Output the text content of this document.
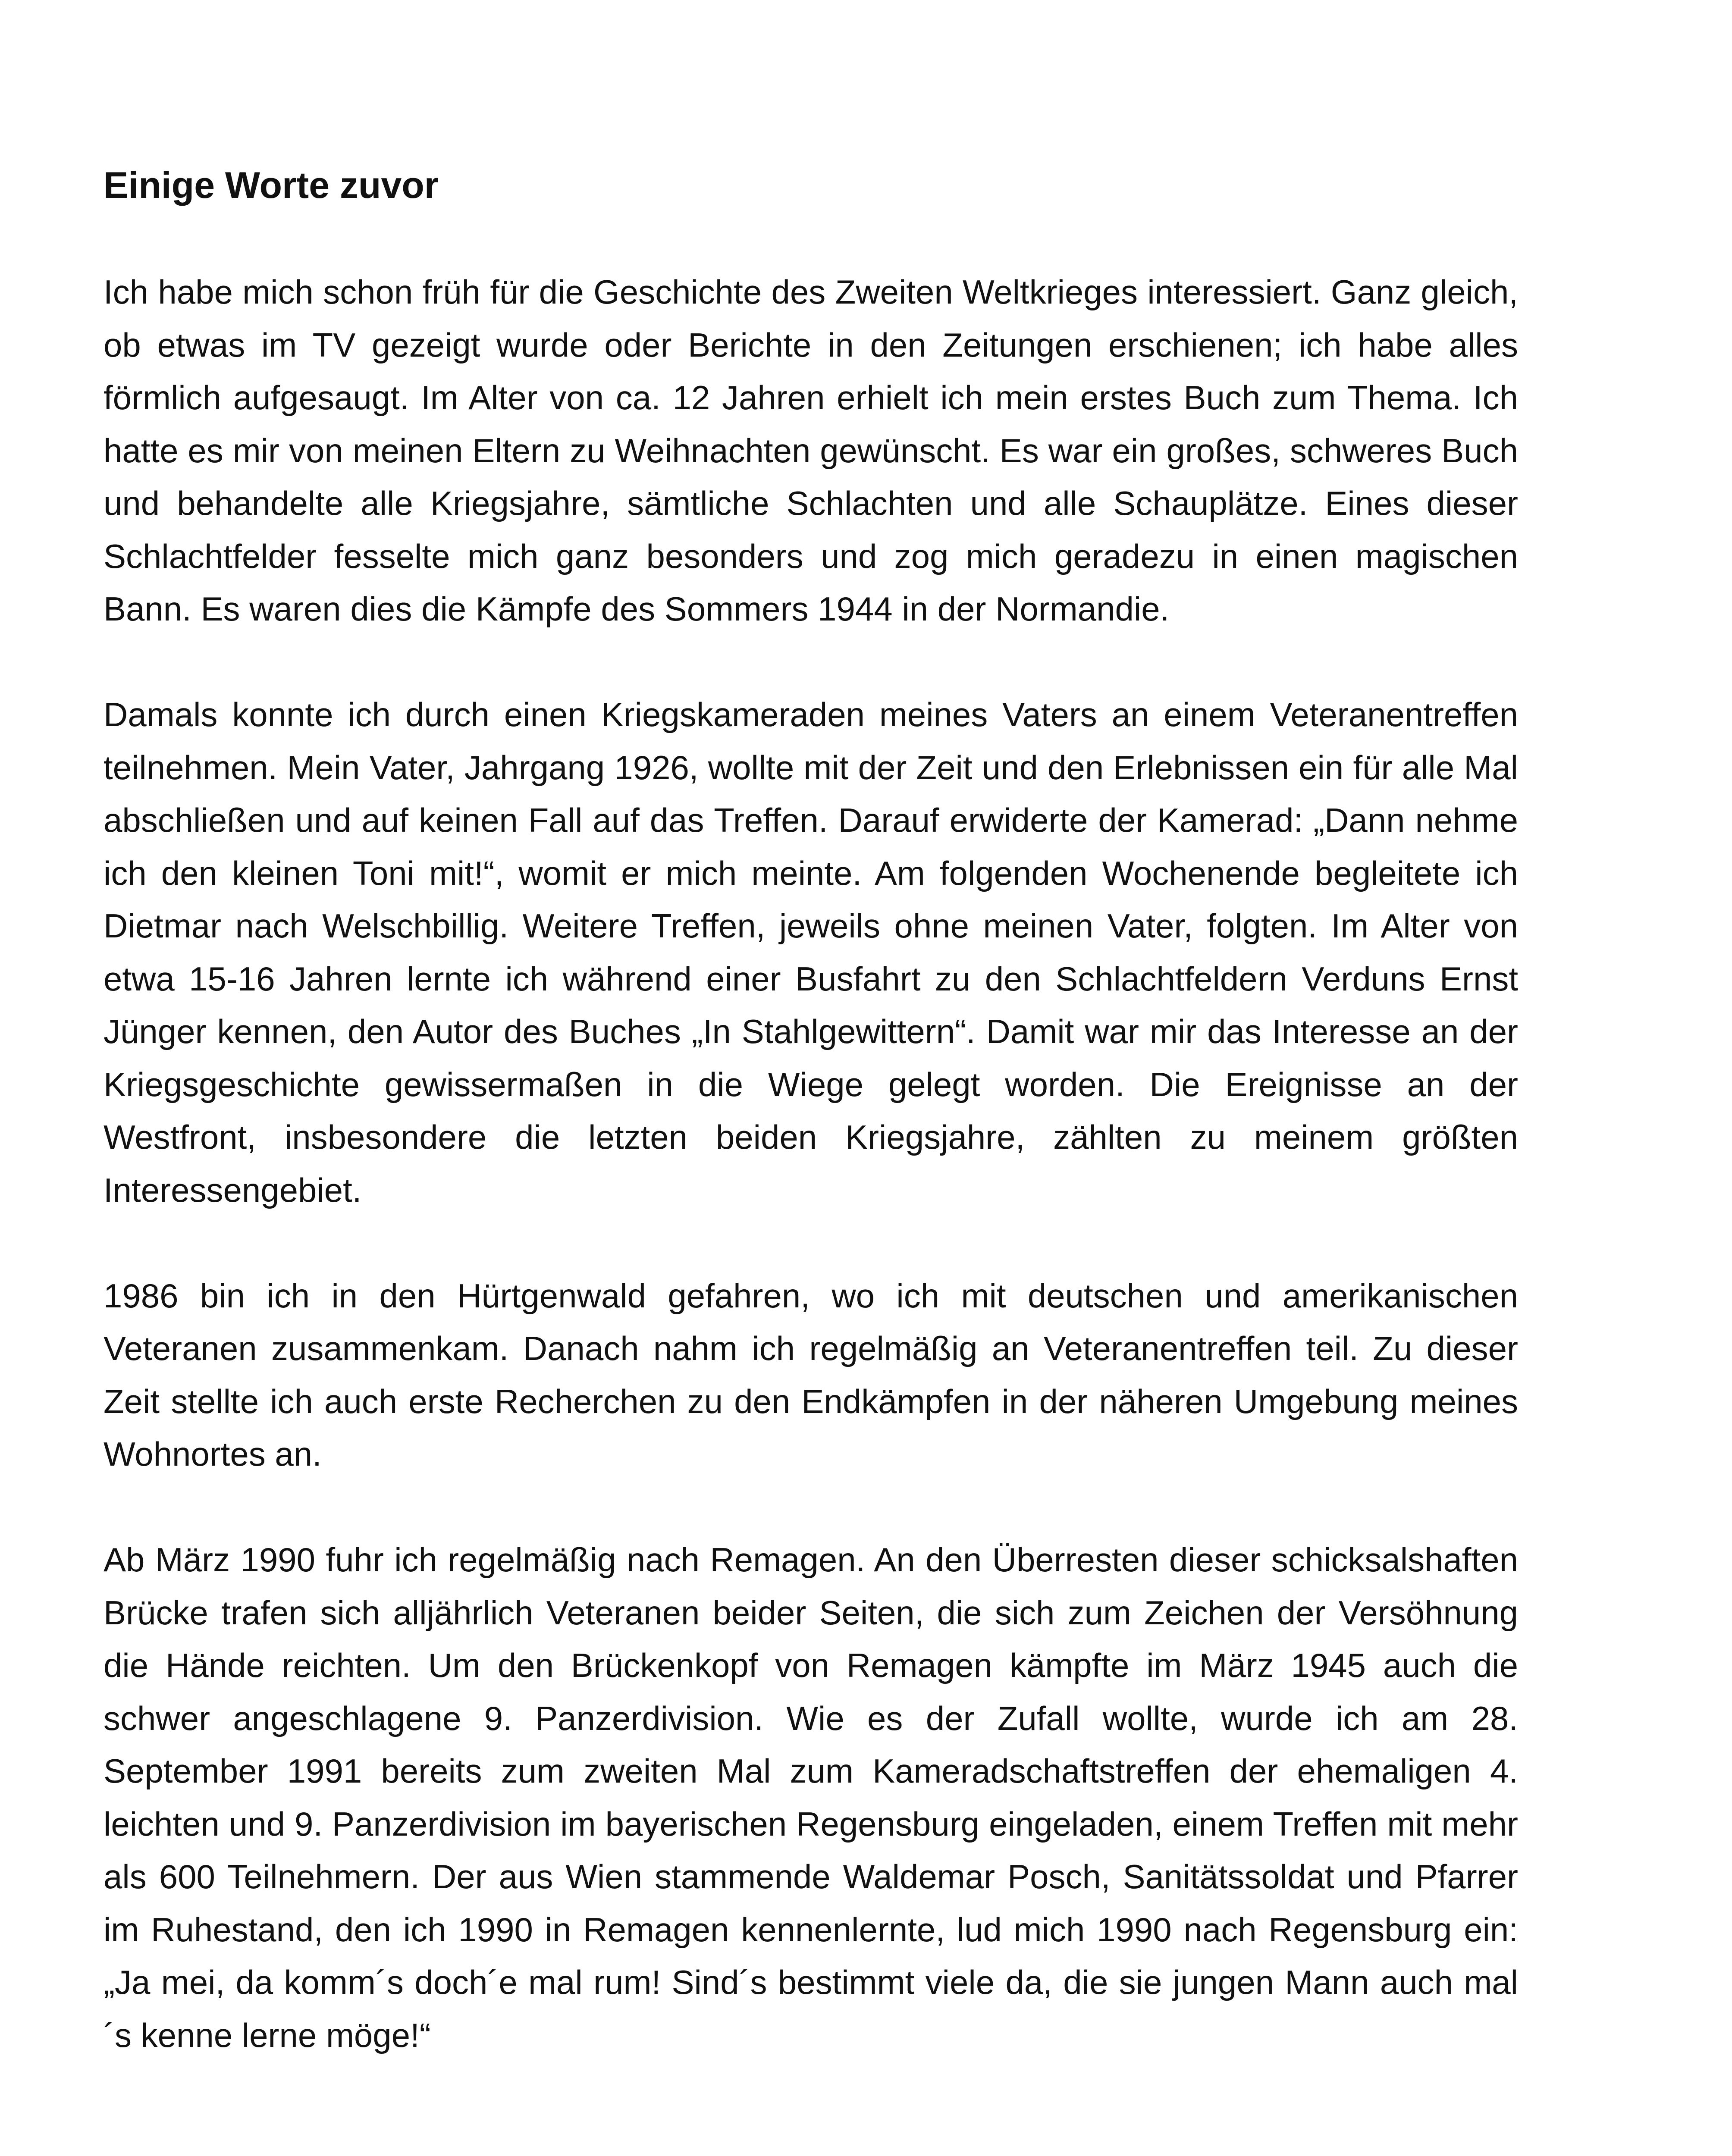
Einige Worte zuvor

Ich habe mich schon früh für die Geschichte des Zweiten Weltkrieges interessiert. Ganz gleich, ob etwas im TV gezeigt wurde oder Berichte in den Zeitungen erschienen; ich habe alles förmlich aufgesaugt. Im Alter von ca. 12 Jahren erhielt ich mein erstes Buch zum Thema. Ich hatte es mir von meinen Eltern zu Weihnachten gewünscht. Es war ein großes, schweres Buch und behandelte alle Kriegsjahre, sämtliche Schlachten und alle Schauplätze. Eines dieser Schlachtfelder fesselte mich ganz besonders und zog mich geradezu in einen magischen Bann. Es waren dies die Kämpfe des Sommers 1944 in der Normandie.

Damals konnte ich durch einen Kriegskameraden meines Vaters an einem Veteranentreffen teilnehmen. Mein Vater, Jahrgang 1926, wollte mit der Zeit und den Erlebnissen ein für alle Mal abschließen und auf keinen Fall auf das Treffen. Darauf erwiderte der Kamerad: „Dann nehme ich den kleinen Toni mit!“, womit er mich meinte. Am folgenden Wochenende begleitete ich Dietmar nach Welschbillig. Weitere Treffen, jeweils ohne meinen Vater, folgten. Im Alter von etwa 15-16 Jahren lernte ich während einer Busfahrt zu den Schlachtfeldern Verduns Ernst Jünger kennen, den Autor des Buches „In Stahlgewittern“. Damit war mir das Interesse an der Kriegsgeschichte gewissermaßen in die Wiege gelegt worden. Die Ereignisse an der Westfront, insbesondere die letzten beiden Kriegsjahre, zählten zu meinem größten Interessengebiet.

1986 bin ich in den Hürtgenwald gefahren, wo ich mit deutschen und amerikanischen Veteranen zusammenkam. Danach nahm ich regelmäßig an Veteranentreffen teil. Zu dieser Zeit stellte ich auch erste Recherchen zu den Endkämpfen in der näheren Umgebung meines Wohnortes an.

Ab März 1990 fuhr ich regelmäßig nach Remagen. An den Überresten dieser schicksalshaften Brücke trafen sich alljährlich Veteranen beider Seiten, die sich zum Zeichen der Versöhnung die Hände reichten. Um den Brückenkopf von Remagen kämpfte im März 1945 auch die schwer angeschlagene 9. Panzerdivision. Wie es der Zufall wollte, wurde ich am 28. September 1991 bereits zum zweiten Mal zum Kameradschaftstreffen der ehemaligen 4. leichten und 9. Panzerdivision im bayerischen Regensburg eingeladen, einem Treffen mit mehr als 600 Teilnehmern. Der aus Wien stammende Waldemar Posch, Sanitätssoldat und Pfarrer im Ruhestand, den ich 1990 in Remagen kennenlernte, lud mich 1990 nach Regensburg ein: „Ja mei, da komm´s doch´e mal rum! Sind´s bestimmt viele da, die sie jungen Mann auch mal´s kenne lerne möge!“
